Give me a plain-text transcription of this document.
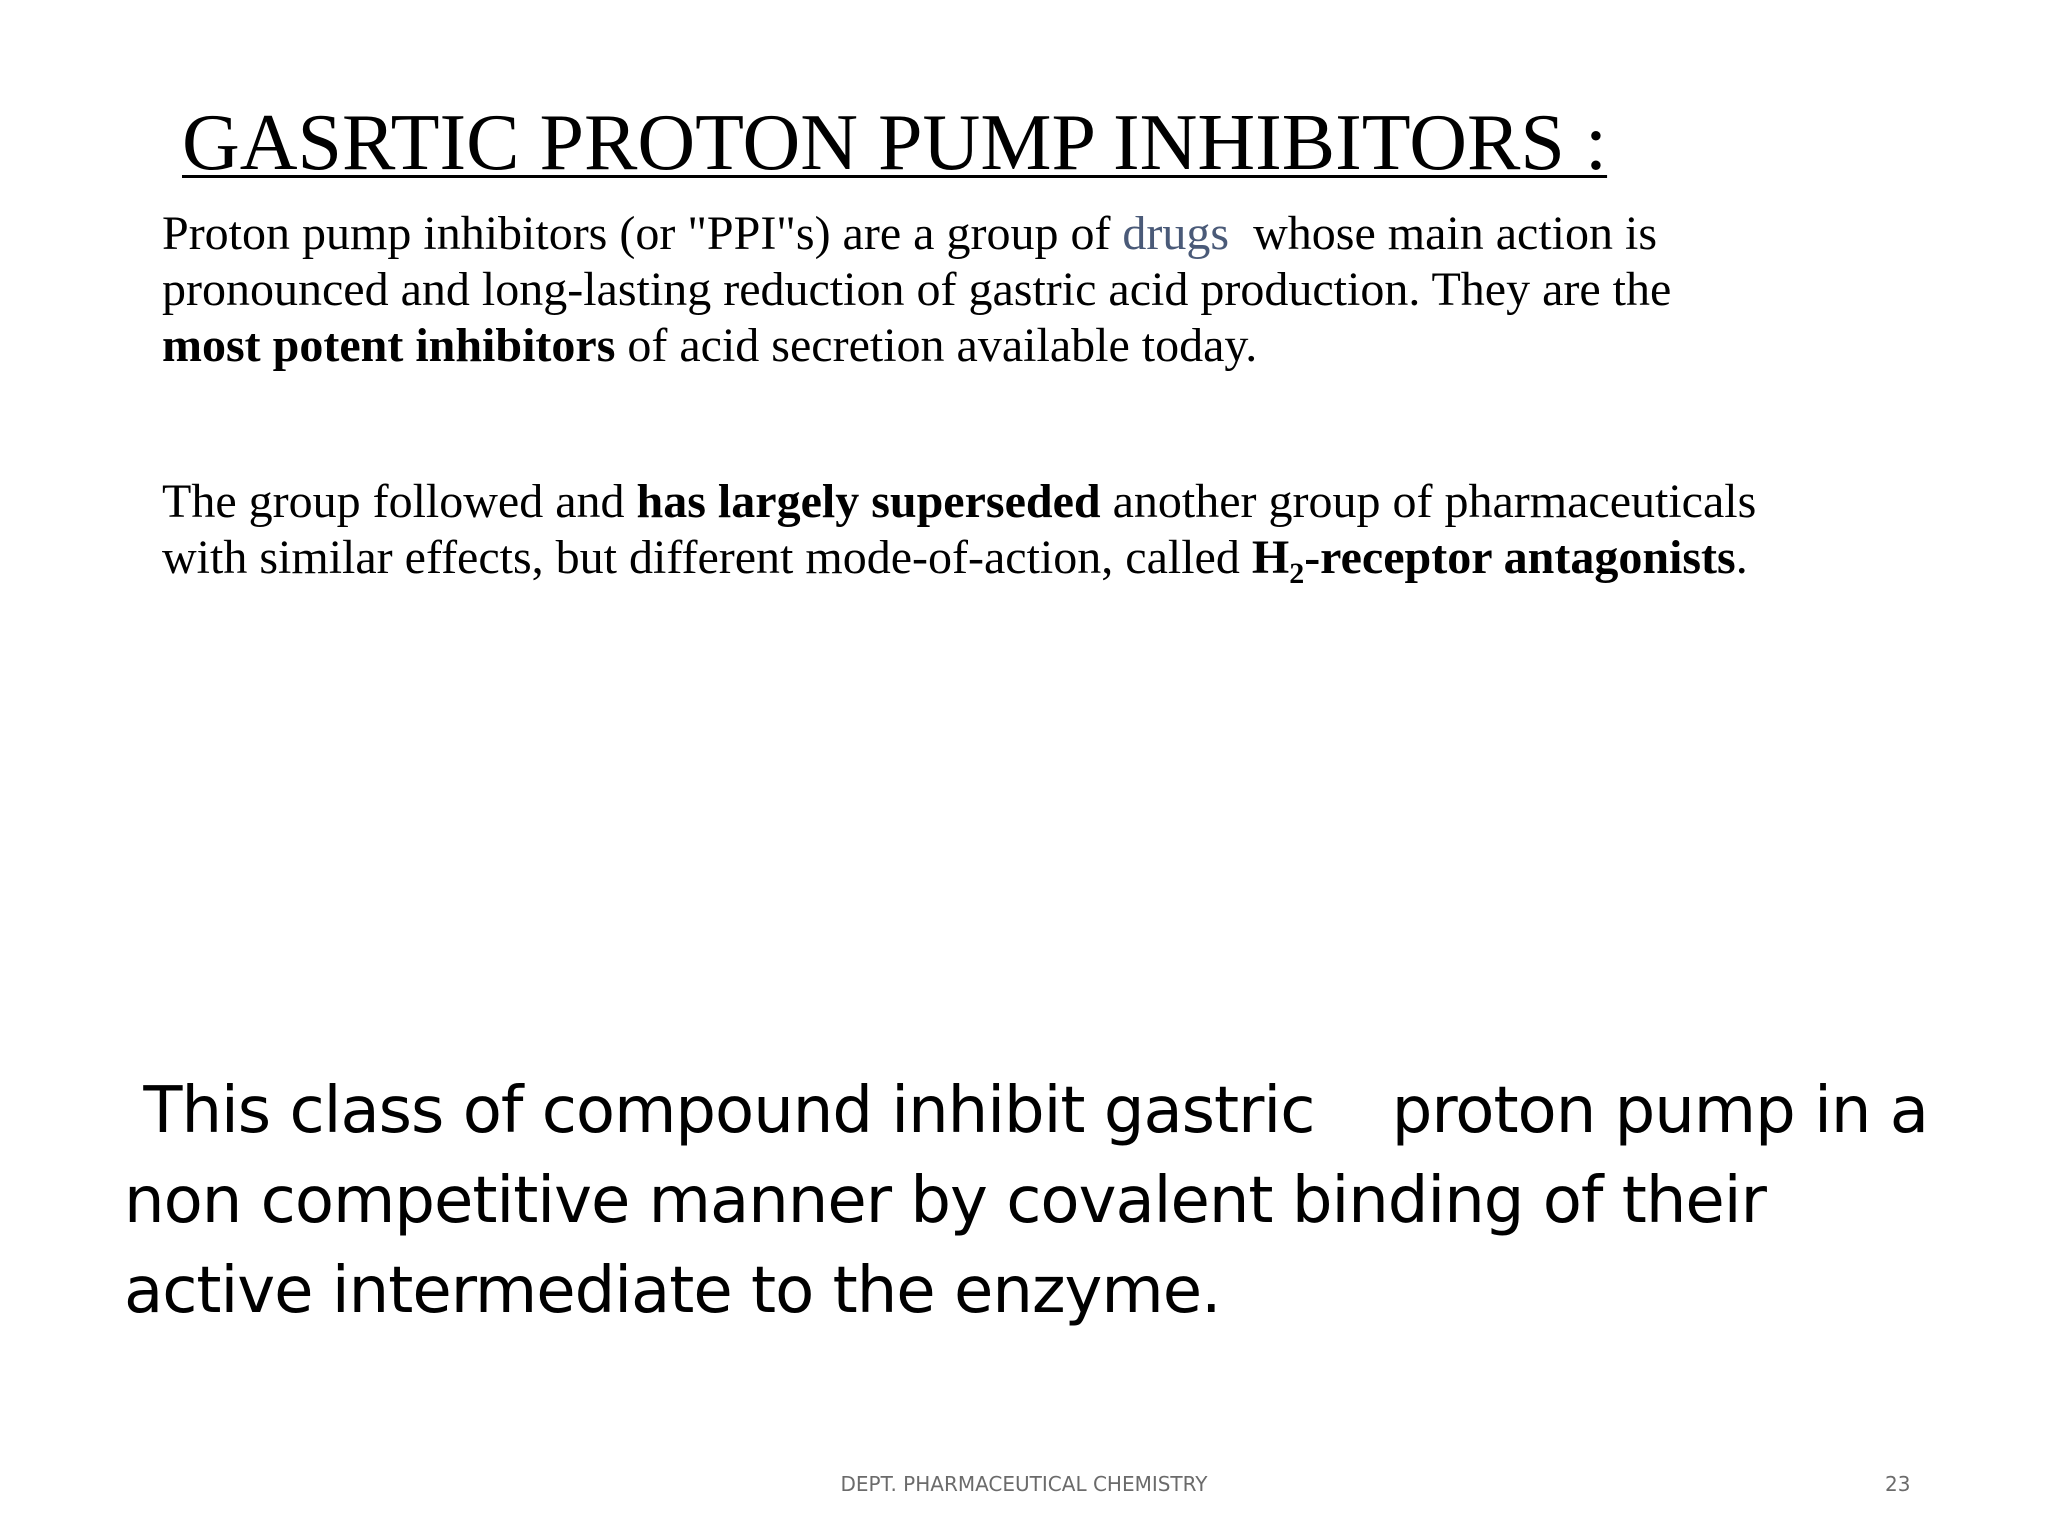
GASRTIC PROTON PUMP INHIBITORS :

Proton pump inhibitors (or "PPI"s) are a group of drugs  whose main action is
pronounced and long-lasting reduction of gastric acid production. They are the
most potent inhibitors of acid secretion available today.

The group followed and has largely superseded another group of pharmaceuticals
with similar effects, but different mode-of-action, called $H_2$-receptor antagonists.

This class of compound inhibit gastric    proton pump in a
non competitive manner by covalent binding of their
active intermediate to the enzyme.

DEPT. PHARMACEUTICAL CHEMISTRY	23
